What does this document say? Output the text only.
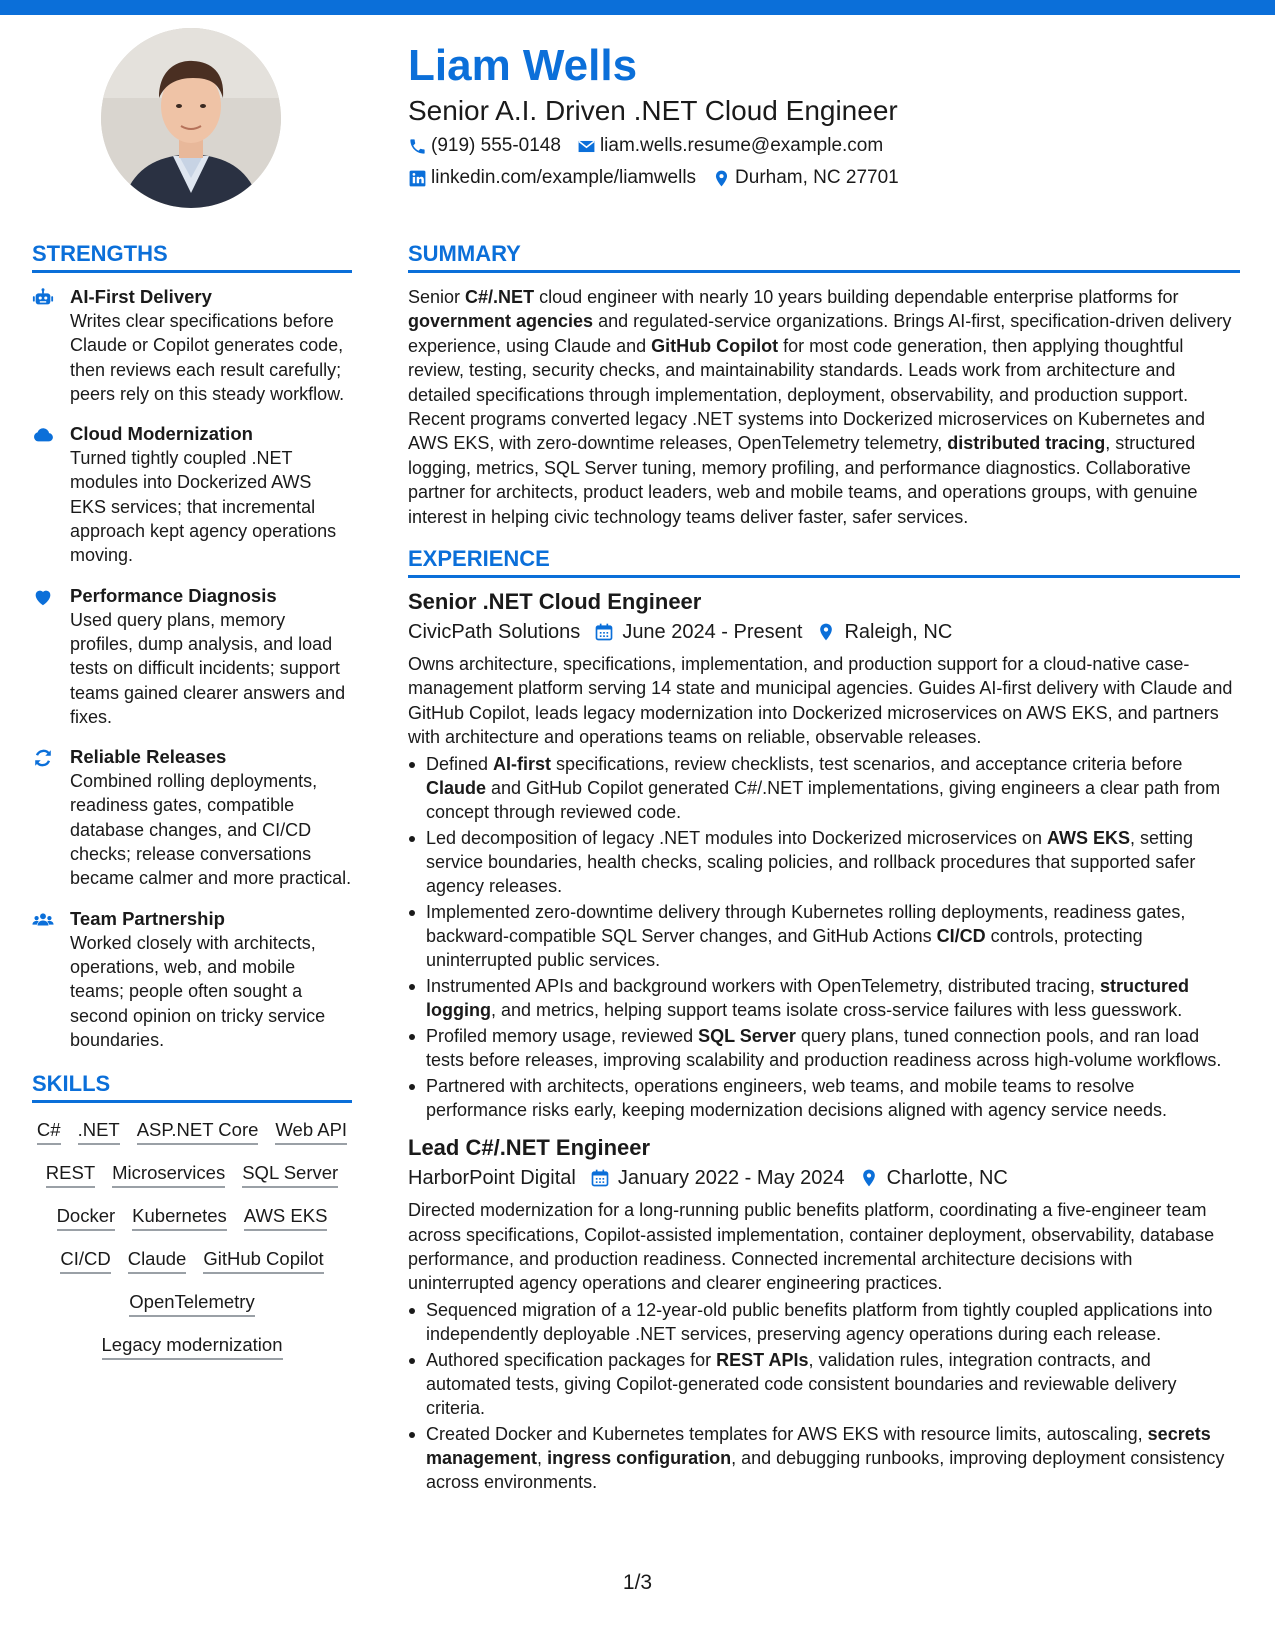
Liam Wells
Senior A.I. Driven .NET Cloud Engineer
(919) 555-0148 liam.wells.resume@example.com
linkedin.com/example/liamwells Durham, NC 27701
STRENGTHS
AI-First Delivery
Writes clear specifications before Claude or Copilot generates code, then reviews each result carefully; peers rely on this steady workflow.
Cloud Modernization
Turned tightly coupled .NET modules into Dockerized AWS EKS services; that incremental approach kept agency operations moving.
Performance Diagnosis
Used query plans, memory profiles, dump analysis, and load tests on difficult incidents; support teams gained clearer answers and fixes.
Reliable Releases
Combined rolling deployments, readiness gates, compatible database changes, and CI/CD checks; release conversations became calmer and more practical.
Team Partnership
Worked closely with architects, operations, web, and mobile teams; people often sought a second opinion on tricky service boundaries.
SKILLS
C# .NET ASP.NET Core Web API
REST Microservices SQL Server
Docker Kubernetes AWS EKS
CI/CD Claude GitHub Copilot
OpenTelemetry
Legacy modernization
SUMMARY
Senior C#/.NET cloud engineer with nearly 10 years building dependable enterprise platforms for government agencies and regulated-service organizations. Brings AI-first, specification-driven delivery experience, using Claude and GitHub Copilot for most code generation, then applying thoughtful review, testing, security checks, and maintainability standards. Leads work from architecture and detailed specifications through implementation, deployment, observability, and production support. Recent programs converted legacy .NET systems into Dockerized microservices on Kubernetes and AWS EKS, with zero-downtime releases, OpenTelemetry telemetry, distributed tracing, structured logging, metrics, SQL Server tuning, memory profiling, and performance diagnostics. Collaborative partner for architects, product leaders, web and mobile teams, and operations groups, with genuine interest in helping civic technology teams deliver faster, safer services.
EXPERIENCE
Senior .NET Cloud Engineer
CivicPath Solutions June 2024 - Present Raleigh, NC
Owns architecture, specifications, implementation, and production support for a cloud-native case-management platform serving 14 state and municipal agencies. Guides AI-first delivery with Claude and GitHub Copilot, leads legacy modernization into Dockerized microservices on AWS EKS, and partners with architecture and operations teams on reliable, observable releases.
Defined AI-first specifications, review checklists, test scenarios, and acceptance criteria before Claude and GitHub Copilot generated C#/.NET implementations, giving engineers a clear path from concept through reviewed code.
Led decomposition of legacy .NET modules into Dockerized microservices on AWS EKS, setting service boundaries, health checks, scaling policies, and rollback procedures that supported safer agency releases.
Implemented zero-downtime delivery through Kubernetes rolling deployments, readiness gates, backward-compatible SQL Server changes, and GitHub Actions CI/CD controls, protecting uninterrupted public services.
Instrumented APIs and background workers with OpenTelemetry, distributed tracing, structured logging, and metrics, helping support teams isolate cross-service failures with less guesswork.
Profiled memory usage, reviewed SQL Server query plans, tuned connection pools, and ran load tests before releases, improving scalability and production readiness across high-volume workflows.
Partnered with architects, operations engineers, web teams, and mobile teams to resolve performance risks early, keeping modernization decisions aligned with agency service needs.
Lead C#/.NET Engineer
HarborPoint Digital January 2022 - May 2024 Charlotte, NC
Directed modernization for a long-running public benefits platform, coordinating a five-engineer team across specifications, Copilot-assisted implementation, container deployment, observability, database performance, and production readiness. Connected incremental architecture decisions with uninterrupted agency operations and clearer engineering practices.
Sequenced migration of a 12-year-old public benefits platform from tightly coupled applications into independently deployable .NET services, preserving agency operations during each release.
Authored specification packages for REST APIs, validation rules, integration contracts, and automated tests, giving Copilot-generated code consistent boundaries and reviewable delivery criteria.
Created Docker and Kubernetes templates for AWS EKS with resource limits, autoscaling, secrets management, ingress configuration, and debugging runbooks, improving deployment consistency across environments.
1/3
